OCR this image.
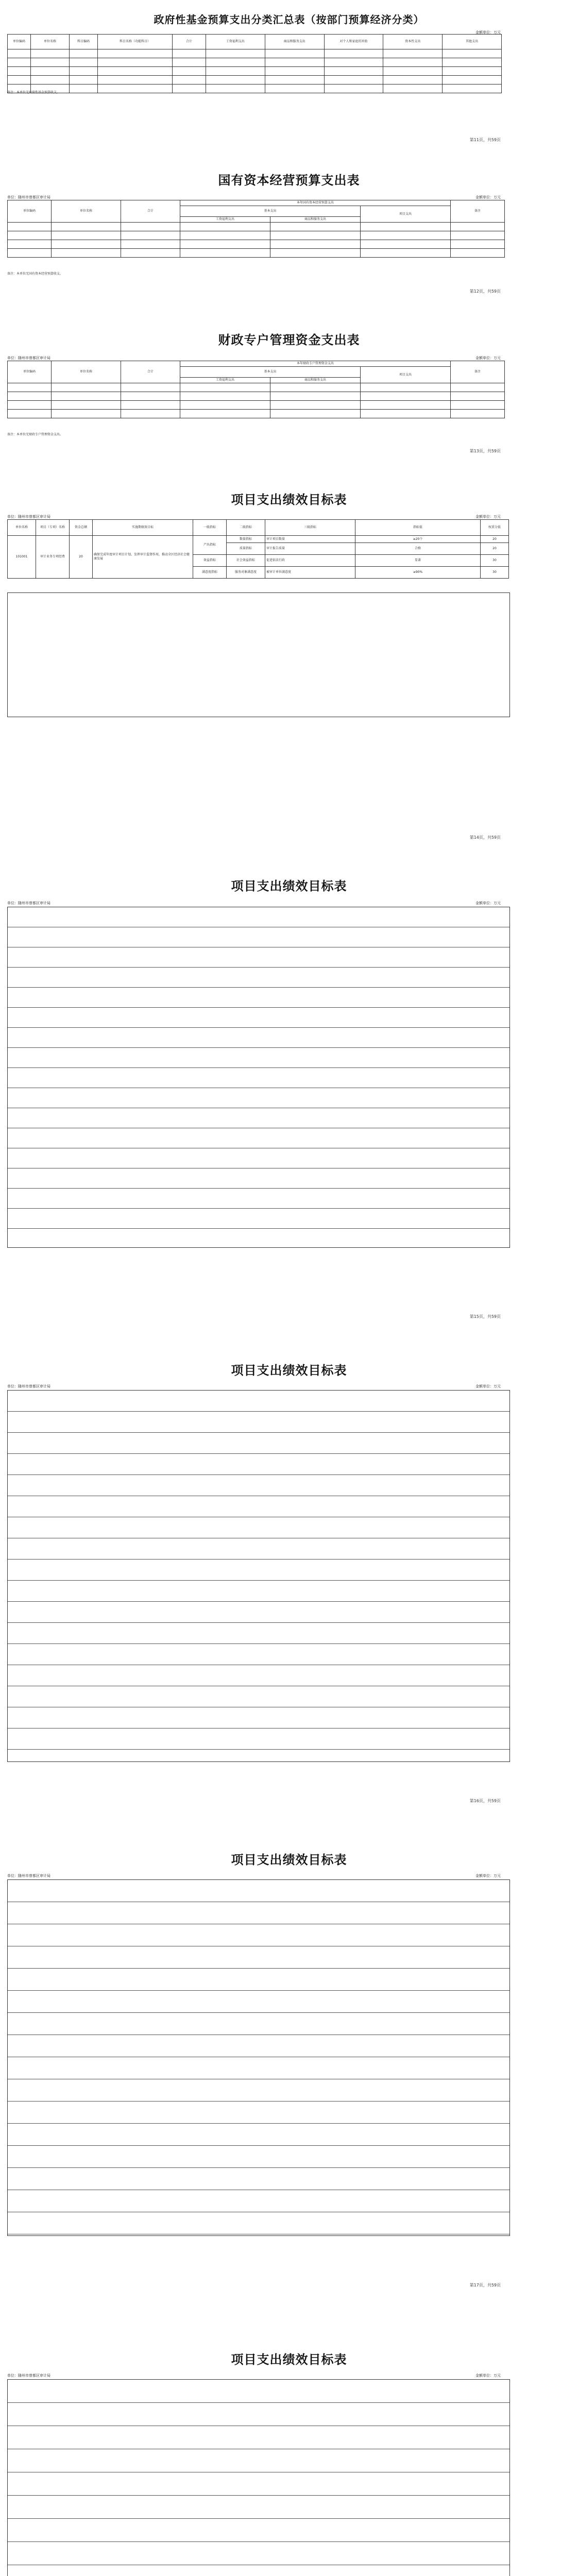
政府性基金预算支出分类汇总表（按部门预算经济分类）
金额单位：万元
单位编码	单位名称	科目编码	科目名称（功能科目）	合计	工资福利支出	商品和服务支出	对个人和家庭的补助	资本性支出	其他支出

备注：本单位无政府性基金预算收支。
第11页，共59页
国有资本经营预算支出表
单位：随州市曾都区审计局	金额单位：万元
单位编码	单位名称	合计	本年国有资本经营预算支出			备注
			基本支出		项目支出	
			工资福利支出	商品和服务支出		

备注：本单位无国有资本经营预算收支。
第12页，共59页
财政专户管理资金支出表
单位：随州市曾都区审计局	金额单位：万元
单位编码	单位名称	合计	本年财政专户管理资金支出			备注
			基本支出		项目支出	
			工资福利支出	商品和服务支出		

备注：本单位无财政专户管理资金支出。
第13页，共59页
项目支出绩效目标表
单位：随州市曾都区审计局	金额单位：万元
单位名称	项目（专项）名称	资金总额	实施期绩效目标	一级指标	二级指标	三级指标	指标值	权重分值
101001	审计业务专项经费	20	确保完成年度审计项目计划，发挥审计监督作用，推动全区经济社会健康发展	产出指标	数量指标	审计项目数量	≥20个	20
					质量指标	审计报告质量	合格	20
				效益指标	社会效益指标	促进依法行政	显著	30
				满意度指标	服务对象满意度	被审计单位满意度	≥90%	30
第14页，共59页
项目支出绩效目标表
单位：随州市曾都区审计局	金额单位：万元
第15页，共59页
项目支出绩效目标表
单位：随州市曾都区审计局	金额单位：万元
第16页，共59页
项目支出绩效目标表
单位：随州市曾都区审计局	金额单位：万元
第17页，共59页
项目支出绩效目标表
单位：随州市曾都区审计局	金额单位：万元
